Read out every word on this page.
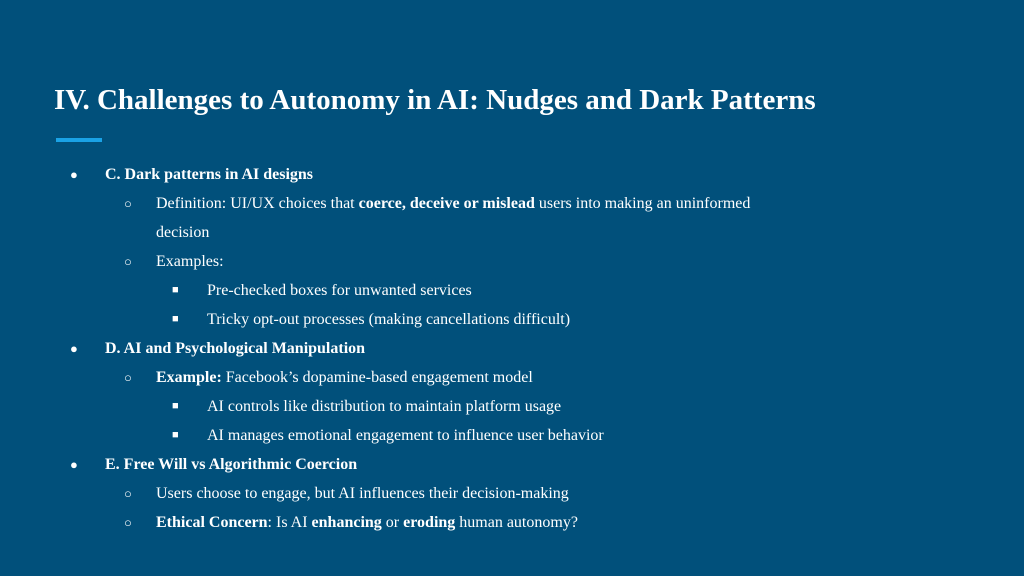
IV. Challenges to Autonomy in AI: Nudges and Dark Patterns
● C. Dark patterns in AI designs
○ Definition: UI/UX choices that coerce, deceive or mislead users into making an uninformed
decision
○ Examples:
■ Pre-checked boxes for unwanted services
■ Tricky opt-out processes (making cancellations difficult)
● D. AI and Psychological Manipulation
○ Example: Facebook’s dopamine-based engagement model
■ AI controls like distribution to maintain platform usage
■ AI manages emotional engagement to influence user behavior
● E. Free Will vs Algorithmic Coercion
○ Users choose to engage, but AI influences their decision-making
○ Ethical Concern: Is AI enhancing or eroding human autonomy?
